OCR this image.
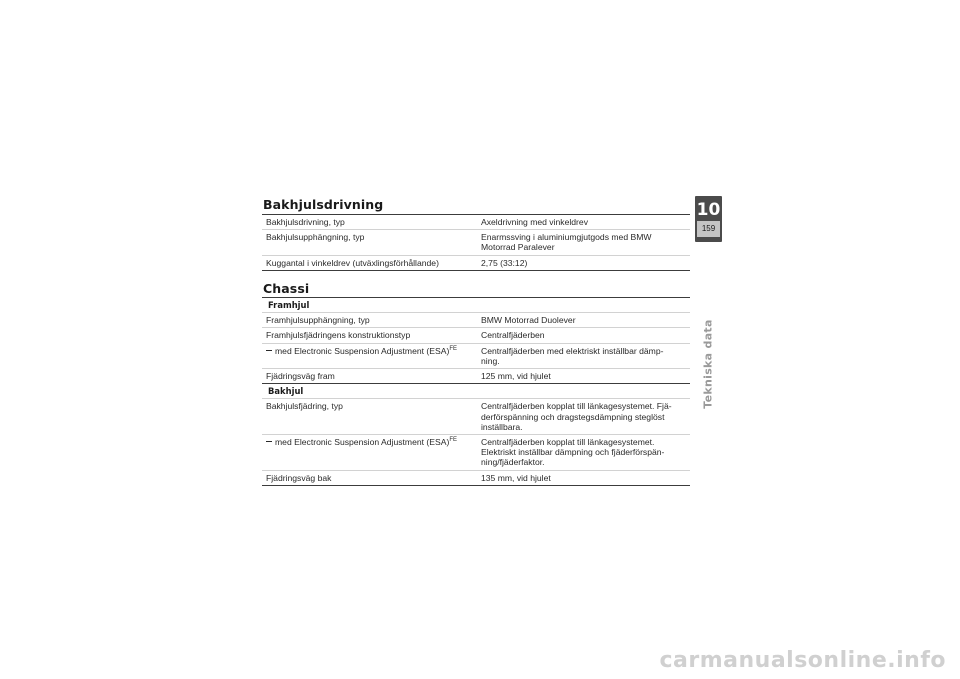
Bakhjulsdrivning
Bakhjulsdrivning, typ	Axeldrivning med vinkeldrev
Bakhjulsupphängning, typ	Enarmssving i aluminiumgjutgods med BMW Motorrad Paralever
Kuggantal i vinkeldrev (utväxlingsförhållande)	2,75 (33:12)
Chassi
Framhjul
Framhjulsupphängning, typ	BMW Motorrad Duolever
Framhjulsfjädringens konstruktionstyp	Centralfjäderben
med Electronic Suspension Adjustment (ESA)$^{FE}$	Centralfjäderben med elektriskt inställbar dämp-ning.
Fjädringsväg fram	125 mm, vid hjulet
Bakhjul
Bakhjulsfjädring, typ	Centralfjäderben kopplat till länkagesystemet. Fjä-derförspänning och dragstegsdämpning steglöst inställbara.
med Electronic Suspension Adjustment (ESA)$^{FE}$	Centralfjäderben kopplat till länkagesystemet. Elektriskt inställbar dämpning och fjäderförspän-ning/fjäderfaktor.
Fjädringsväg bak	135 mm, vid hjulet
10
159
Tekniska data
carmanualsonline.info
